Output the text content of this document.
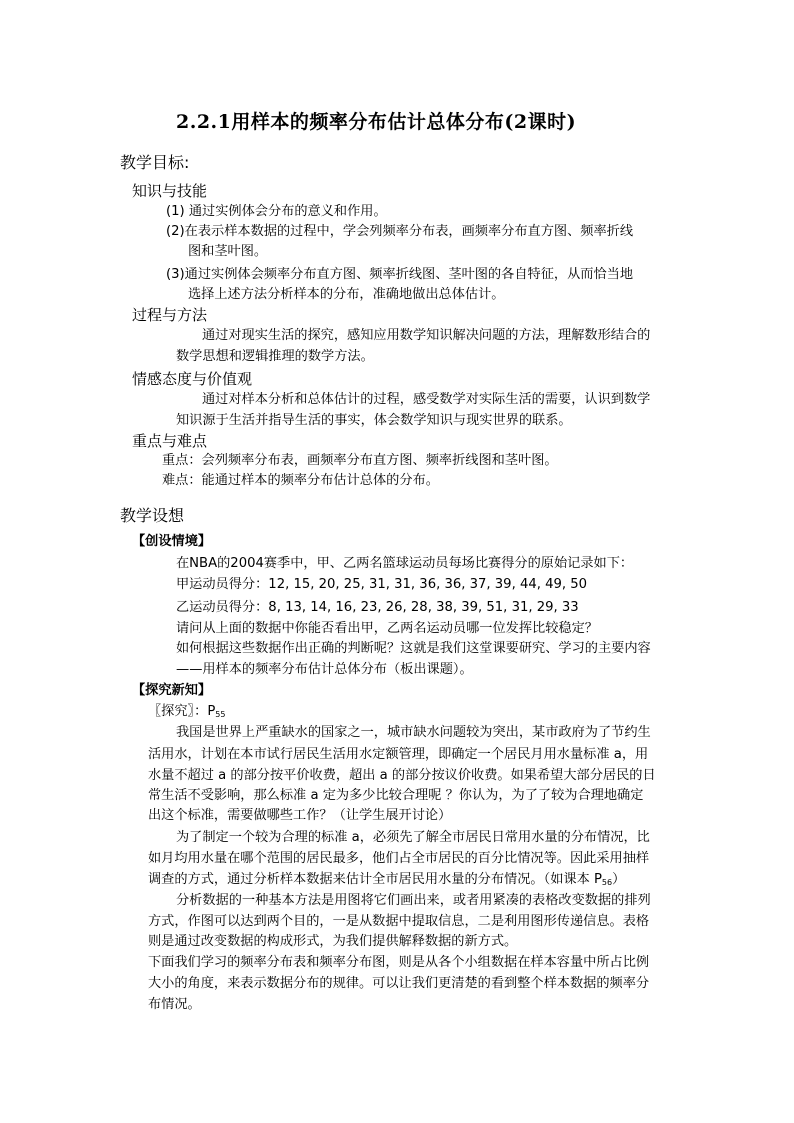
2.2.1用样本的频率分布估计总体分布(2课时)
教学目标:
知识与技能
(1) 通过实例体会分布的意义和作用。
(2)在表示样本数据的过程中，学会列频率分布表，画频率分布直方图、频率折线
图和茎叶图。
(3)通过实例体会频率分布直方图、频率折线图、茎叶图的各自特征，从而恰当地
选择上述方法分析样本的分布，准确地做出总体估计。
过程与方法
通过对现实生活的探究，感知应用数学知识解决问题的方法，理解数形结合的
数学思想和逻辑推理的数学方法。
情感态度与价值观
通过对样本分析和总体估计的过程，感受数学对实际生活的需要，认识到数学
知识源于生活并指导生活的事实，体会数学知识与现实世界的联系。
重点与难点
重点：会列频率分布表，画频率分布直方图、频率折线图和茎叶图。
难点：能通过样本的频率分布估计总体的分布。
教学设想
【创设情境】
在NBA的2004赛季中，甲、乙两名篮球运动员每场比赛得分的原始记录如下：
甲运动员得分：12, 15, 20, 25, 31, 31, 36, 36, 37, 39, 44, 49, 50
乙运动员得分：8, 13, 14, 16, 23, 26, 28, 38, 39, 51, 31, 29, 33
请问从上面的数据中你能否看出甲，乙两名运动员哪一位发挥比较稳定？
如何根据这些数据作出正确的判断呢？这就是我们这堂课要研究、学习的主要内容
——用样本的频率分布估计总体分布（板出课题）。
【探究新知】
〖探究〗：$P_{55}$
我国是世界上严重缺水的国家之一，城市缺水问题较为突出，某市政府为了节约生
活用水，计划在本市试行居民生活用水定额管理，即确定一个居民月用水量标准 a，用
水量不超过 a 的部分按平价收费，超出 a 的部分按议价收费。如果希望大部分居民的日
常生活不受影响，那么标准 a 定为多少比较合理呢 ？你认为，为了了较为合理地确定
出这个标准，需要做哪些工作？（让学生展开讨论）
为了制定一个较为合理的标准 a，必须先了解全市居民日常用水量的分布情况，比
如月均用水量在哪个范围的居民最多，他们占全市居民的百分比情况等。因此采用抽样
调查的方式，通过分析样本数据来估计全市居民用水量的分布情况。（如课本 $P_{56}$）
分析数据的一种基本方法是用图将它们画出来，或者用紧凑的表格改变数据的排列
方式，作图可以达到两个目的，一是从数据中提取信息，二是利用图形传递信息。表格
则是通过改变数据的构成形式，为我们提供解释数据的新方式。
下面我们学习的频率分布表和频率分布图，则是从各个小组数据在样本容量中所占比例
大小的角度，来表示数据分布的规律。可以让我们更清楚的看到整个样本数据的频率分
布情况。
